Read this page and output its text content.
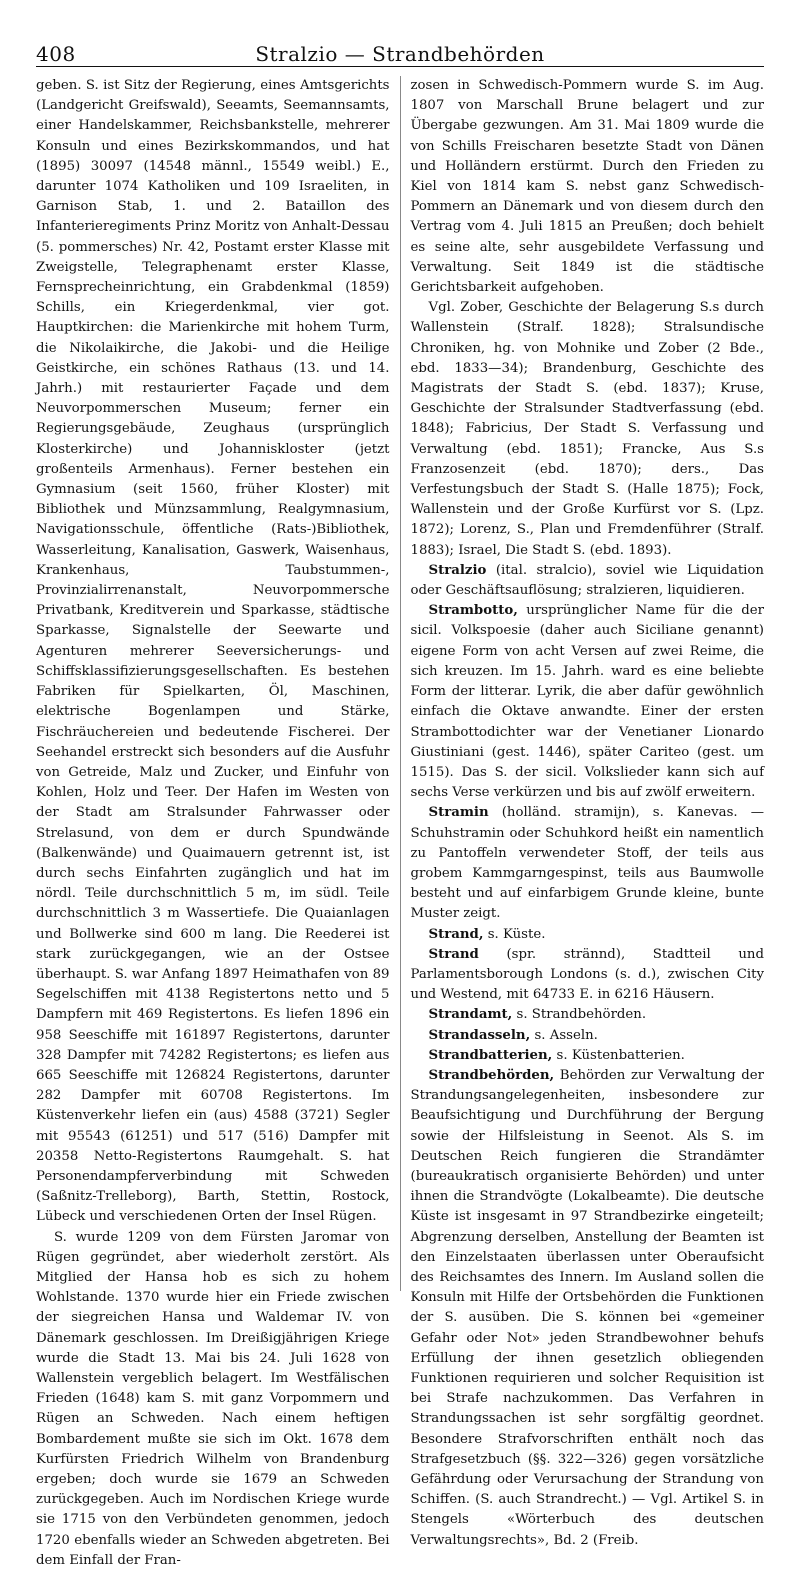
408	Stralzio — Strandbehörden

geben. S. ist Sitz der Regierung, eines Amtsgerichts (Landgericht Greifswald), Seeamts, Seemannsamts, einer Handelskammer, Reichsbankstelle, mehrerer Konsuln und eines Bezirkskommandos, und hat (1895) 30097 (14548 männl., 15549 weibl.) E., darunter 1074 Katholiken und 109 Israeliten, in Garnison Stab, 1. und 2. Bataillon des Infanterieregiments Prinz Moritz von Anhalt-Dessau (5. pommersches) Nr. 42, Postamt erster Klasse mit Zweigstelle, Telegraphenamt erster Klasse, Fernsprecheinrichtung, ein Grabdenkmal (1859) Schills, ein Kriegerdenkmal, vier got. Hauptkirchen: die Marienkirche mit hohem Turm, die Nikolaikirche, die Jakobi- und die Heilige Geistkirche, ein schönes Rathaus (13. und 14. Jahrh.) mit restaurierter Façade und dem Neuvorpommerschen Museum; ferner ein Regierungsgebäude, Zeughaus (ursprünglich Klosterkirche) und Johanniskloster (jetzt großenteils Armenhaus). Ferner bestehen ein Gymnasium (seit 1560, früher Kloster) mit Bibliothek und Münzsammlung, Realgymnasium, Navigationsschule, öffentliche (Rats-)Bibliothek, Wasserleitung, Kanalisation, Gaswerk, Waisenhaus, Krankenhaus, Taubstummen-, Provinzialirrenanstalt, Neuvorpommersche Privatbank, Kreditverein und Sparkasse, städtische Sparkasse, Signalstelle der Seewarte und Agenturen mehrerer Seeversicherungs- und Schiffsklassifizierungsgesellschaften. Es bestehen Fabriken für Spielkarten, Öl, Maschinen, elektrische Bogenlampen und Stärke, Fischräuchereien und bedeutende Fischerei. Der Seehandel erstreckt sich besonders auf die Ausfuhr von Getreide, Malz und Zucker, und Einfuhr von Kohlen, Holz und Teer. Der Hafen im Westen von der Stadt am Stralsunder Fahrwasser oder Strelasund, von dem er durch Spundwände (Balkenwände) und Quaimauern getrennt ist, ist durch sechs Einfahrten zugänglich und hat im nördl. Teile durchschnittlich 5 m, im südl. Teile durchschnittlich 3 m Wassertiefe. Die Quaianlagen und Bollwerke sind 600 m lang. Die Reederei ist stark zurückgegangen, wie an der Ostsee überhaupt. S. war Anfang 1897 Heimathafen von 89 Segelschiffen mit 4138 Registertons netto und 5 Dampfern mit 469 Registertons. Es liefen 1896 ein 958 Seeschiffe mit 161897 Registertons, darunter 328 Dampfer mit 74282 Registertons; es liefen aus 665 Seeschiffe mit 126824 Registertons, darunter 282 Dampfer mit 60708 Registertons. Im Küstenverkehr liefen ein (aus) 4588 (3721) Segler mit 95543 (61251) und 517 (516) Dampfer mit 20358 Netto-Registertons Raumgehalt. S. hat Personendampferverbindung mit Schweden (Saßnitz-Trelleborg), Barth, Stettin, Rostock, Lübeck und verschiedenen Orten der Insel Rügen.

S. wurde 1209 von dem Fürsten Jaromar von Rügen gegründet, aber wiederholt zerstört. Als Mitglied der Hansa hob es sich zu hohem Wohlstande. 1370 wurde hier ein Friede zwischen der siegreichen Hansa und Waldemar IV. von Dänemark geschlossen. Im Dreißigjährigen Kriege wurde die Stadt 13. Mai bis 24. Juli 1628 von Wallenstein vergeblich belagert. Im Westfälischen Frieden (1648) kam S. mit ganz Vorpommern und Rügen an Schweden. Nach einem heftigen Bombardement mußte sie sich im Okt. 1678 dem Kurfürsten Friedrich Wilhelm von Brandenburg ergeben; doch wurde sie 1679 an Schweden zurückgegeben. Auch im Nordischen Kriege wurde sie 1715 von den Verbündeten genommen, jedoch 1720 ebenfalls wieder an Schweden abgetreten. Bei dem Einfall der Fran-

zosen in Schwedisch-Pommern wurde S. im Aug. 1807 von Marschall Brune belagert und zur Übergabe gezwungen. Am 31. Mai 1809 wurde die von Schills Freischaren besetzte Stadt von Dänen und Holländern erstürmt. Durch den Frieden zu Kiel von 1814 kam S. nebst ganz Schwedisch-Pommern an Dänemark und von diesem durch den Vertrag vom 4. Juli 1815 an Preußen; doch behielt es seine alte, sehr ausgebildete Verfassung und Verwaltung. Seit 1849 ist die städtische Gerichtsbarkeit aufgehoben.

Vgl. Zober, Geschichte der Belagerung S.s durch Wallenstein (Stralf. 1828); Stralsundische Chroniken, hg. von Mohnike und Zober (2 Bde., ebd. 1833—34); Brandenburg, Geschichte des Magistrats der Stadt S. (ebd. 1837); Kruse, Geschichte der Stralsunder Stadtverfassung (ebd. 1848); Fabricius, Der Stadt S. Verfassung und Verwaltung (ebd. 1851); Francke, Aus S.s Franzosenzeit (ebd. 1870); ders., Das Verfestungsbuch der Stadt S. (Halle 1875); Fock, Wallenstein und der Große Kurfürst vor S. (Lpz. 1872); Lorenz, S., Plan und Fremdenführer (Stralf. 1883); Israel, Die Stadt S. (ebd. 1893).

Stralzio (ital. stralcio), soviel wie Liquidation oder Geschäftsauflösung; stralzieren, liquidieren.

Strambotto, ursprünglicher Name für die der sicil. Volkspoesie (daher auch Siciliane genannt) eigene Form von acht Versen auf zwei Reime, die sich kreuzen. Im 15. Jahrh. ward es eine beliebte Form der litterar. Lyrik, die aber dafür gewöhnlich einfach die Oktave anwandte. Einer der ersten Strambottodichter war der Venetianer Lionardo Giustiniani (gest. 1446), später Cariteo (gest. um 1515). Das S. der sicil. Volkslieder kann sich auf sechs Verse verkürzen und bis auf zwölf erweitern.

Stramin (holländ. stramijn), s. Kanevas. — Schuhstramin oder Schuhkord heißt ein namentlich zu Pantoffeln verwendeter Stoff, der teils aus grobem Kammgarngespinst, teils aus Baumwolle besteht und auf einfarbigem Grunde kleine, bunte Muster zeigt.

Strand, s. Küste.

Strand (spr. strännd), Stadtteil und Parlamentsborough Londons (s. d.), zwischen City und Westend, mit 64733 E. in 6216 Häusern.

Strandamt, s. Strandbehörden.

Strandasseln, s. Asseln.

Strandbatterien, s. Küstenbatterien.

Strandbehörden, Behörden zur Verwaltung der Strandungsangelegenheiten, insbesondere zur Beaufsichtigung und Durchführung der Bergung sowie der Hilfsleistung in Seenot. Als S. im Deutschen Reich fungieren die Strandämter (bureaukratisch organisierte Behörden) und unter ihnen die Strandvögte (Lokalbeamte). Die deutsche Küste ist insgesamt in 97 Strandbezirke eingeteilt; Abgrenzung derselben, Anstellung der Beamten ist den Einzelstaaten überlassen unter Oberaufsicht des Reichsamtes des Innern. Im Ausland sollen die Konsuln mit Hilfe der Ortsbehörden die Funktionen der S. ausüben. Die S. können bei «gemeiner Gefahr oder Not» jeden Strandbewohner behufs Erfüllung der ihnen gesetzlich obliegenden Funktionen requirieren und solcher Requisition ist bei Strafe nachzukommen. Das Verfahren in Strandungssachen ist sehr sorgfältig geordnet. Besondere Strafvorschriften enthält noch das Strafgesetzbuch (§§. 322—326) gegen vorsätzliche Gefährdung oder Verursachung der Strandung von Schiffen. (S. auch Strandrecht.) — Vgl. Artikel S. in Stengels «Wörterbuch des deutschen Verwaltungsrechts», Bd. 2 (Freib.
